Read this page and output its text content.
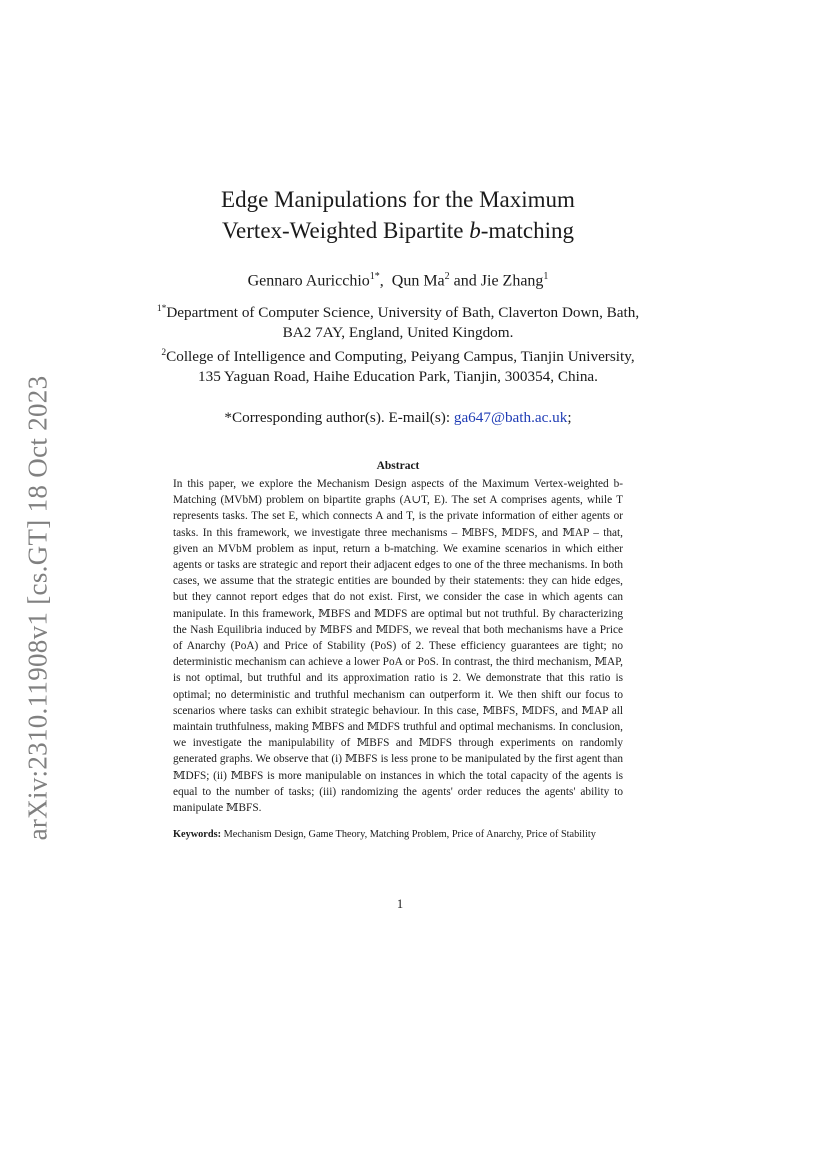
arXiv:2310.11908v1 [cs.GT] 18 Oct 2023
Edge Manipulations for the Maximum
Vertex-Weighted Bipartite b-matching
Gennaro Auricchio$^{1*}$,  Qun Ma$^2$ and Jie Zhang$^1$
$^{1*}$Department of Computer Science, University of Bath, Claverton Down, Bath,
BA2 7AY, England, United Kingdom.
$^2$College of Intelligence and Computing, Peiyang Campus, Tianjin University,
135 Yaguan Road, Haihe Education Park, Tianjin, 300354, China.
*Corresponding author(s). E-mail(s): ga647@bath.ac.uk;
Abstract

In this paper, we explore the Mechanism Design aspects of the Maximum Vertex-weighted b-Matching (MVbM) problem on bipartite graphs (A∪T, E). The set A comprises agents, while T represents tasks. The set E, which connects A and T, is the private information of either agents or tasks. In this framework, we investigate three mechanisms – 𝕄BFS, 𝕄DFS, and 𝕄AP – that, given an MVbM problem as input, return a b-matching. We examine scenarios in which either agents or tasks are strategic and report their adjacent edges to one of the three mechanisms. In both cases, we assume that the strategic entities are bounded by their statements: they can hide edges, but they cannot report edges that do not exist. First, we consider the case in which agents can manipulate. In this framework, 𝕄BFS and 𝕄DFS are optimal but not truthful. By characterizing the Nash Equilibria induced by 𝕄BFS and 𝕄DFS, we reveal that both mechanisms have a Price of Anarchy (PoA) and Price of Stability (PoS) of 2. These efficiency guarantees are tight; no deterministic mechanism can achieve a lower PoA or PoS. In contrast, the third mechanism, 𝕄AP, is not optimal, but truthful and its approximation ratio is 2. We demonstrate that this ratio is optimal; no deterministic and truthful mechanism can outperform it. We then shift our focus to scenarios where tasks can exhibit strategic behaviour. In this case, 𝕄BFS, 𝕄DFS, and 𝕄AP all maintain truthfulness, making 𝕄BFS and 𝕄DFS truthful and optimal mechanisms. In conclusion, we investigate the manipulability of 𝕄BFS and 𝕄DFS through experiments on randomly generated graphs. We observe that (i) 𝕄BFS is less prone to be manipulated by the first agent than 𝕄DFS; (ii) 𝕄BFS is more manipulable on instances in which the total capacity of the agents is equal to the number of tasks; (iii) randomizing the agents' order reduces the agents' ability to manipulate 𝕄BFS.

Keywords: Mechanism Design, Game Theory, Matching Problem, Price of Anarchy, Price of Stability
1
